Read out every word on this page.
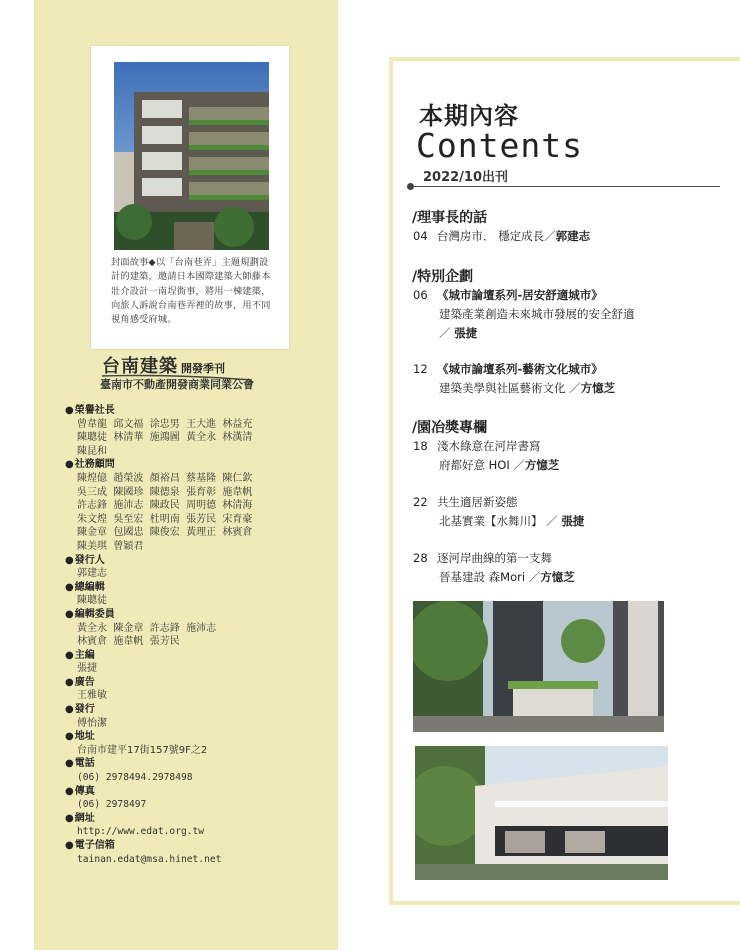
封面故事◆以「台南巷弄」主題規劃設計的建築，邀請日本國際建築大師藤本壯介設計一南埕衖事，將用一棟建築，向旅人訴說台南巷弄裡的故事，用不同視角感受府城。
台南建築 開發季刊
臺南市不動產開發商業同業公會
● 榮譽社長
曾韋龍  邱文福  涂忠男  王大進  林益充
陳聰徒  林清華  施鴻圖  黃全永  林漢清
陳昆和
● 社務顧問
陳煌億  趙榮波  顏裕昌  蔡基隆  陳仁欽
吳三成  陳國珍  陳德泉  張育彰  施韋帆
許志鋒  施沛志  陳政民  周明德  林清海
朱文煌  吳至宏  杜明南  張芳民  宋育豪
陳金章  包國忠  陳俊宏  黃理正  林賓倉
陳美琪  曾穎君
● 發行人
郭建志
● 總編輯
陳聰徒
● 編輯委員
黃全永  陳金章  許志鋒  施沛志
林賓倉  施韋帆  張芳民
● 主編
張捷
● 廣告
王雅敏
● 發行
傅怡潔
● 地址
台南市建平17街157號9F之2
● 電話
(06) 2978494.2978498
● 傳真
(06) 2978497
● 網址
http://www.edat.org.tw
● 電子信箱
tainan.edat@msa.hinet.net
本期內容
Contents
2022/10出刊
/理事長的話
04 台灣房市． 穩定成長／郭建志
/特別企劃
06 《城市論壇系列-居安舒適城市》
建築產業創造未來城市發展的安全舒適
／ 張捷
12 《城市論壇系列-藝術文化城市》
建築美學與社區藝術文化 ／方憶芝
/園冶獎專欄
18 淺木綠意在河岸書寫
府都好意 HOI ／方憶芝
22 共生適居新姿態
北基實業【水舞川】 ／ 張捷
28 逐河岸曲線的第一支舞
晉基建設 森Mori ／方憶芝
